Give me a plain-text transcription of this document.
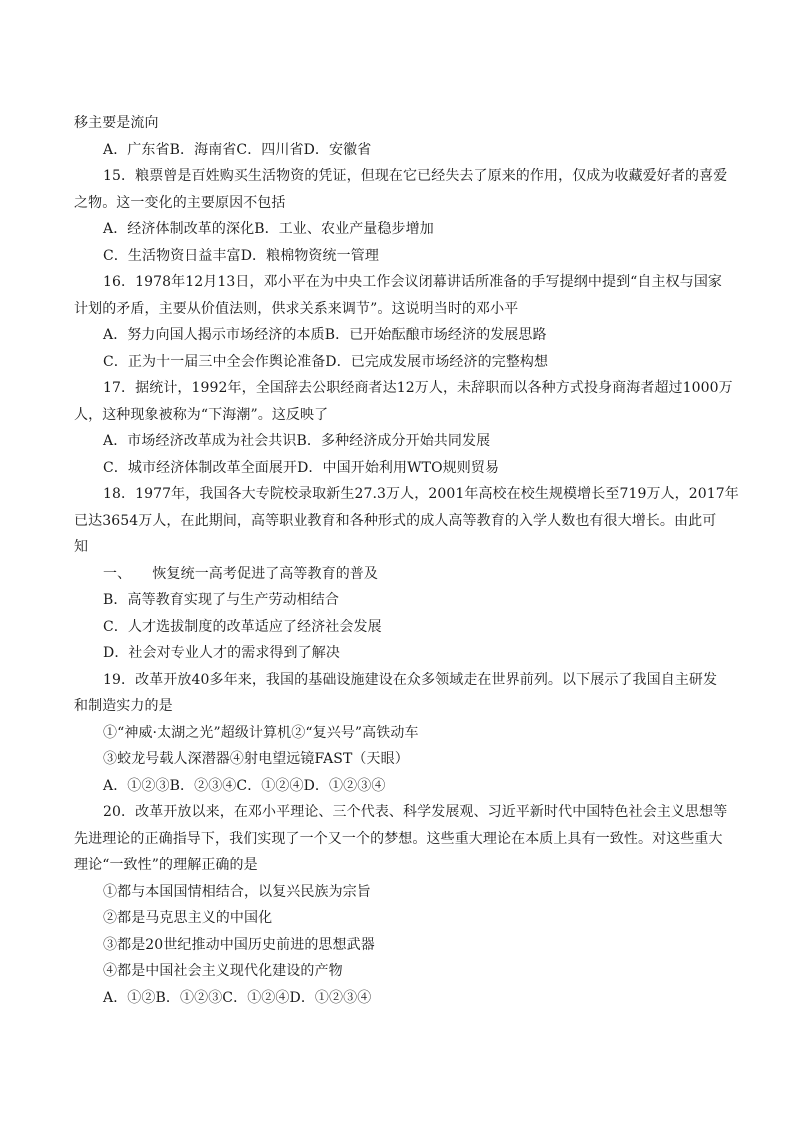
移主要是流向
A．广东省B．海南省C．四川省D．安徽省
15．粮票曾是百姓购买生活物资的凭证，但现在它已经失去了原来的作用，仅成为收藏爱好者的喜爱
之物。这一变化的主要原因不包括
A．经济体制改革的深化B．工业、农业产量稳步增加
C．生活物资日益丰富D．粮棉物资统一管理
16．1978年12月13日，邓小平在为中央工作会议闭幕讲话所准备的手写提纲中提到“自主权与国家
计划的矛盾，主要从价值法则，供求关系来调节”。这说明当时的邓小平
A．努力向国人揭示市场经济的本质B．已开始酝酿市场经济的发展思路
C．正为十一届三中全会作舆论准备D．已完成发展市场经济的完整构想
17．据统计，1992年，全国辞去公职经商者达12万人，未辞职而以各种方式投身商海者超过1000万
人，这种现象被称为“下海潮”。这反映了
A．市场经济改革成为社会共识B．多种经济成分开始共同发展
C．城市经济体制改革全面展开D．中国开始利用WTO规则贸易
18．1977年，我国各大专院校录取新生27.3万人，2001年高校在校生规模增长至719万人，2017年
已达3654万人，在此期间，高等职业教育和各种形式的成人高等教育的入学人数也有很大增长。由此可
知
一、　　恢复统一高考促进了高等教育的普及
B．高等教育实现了与生产劳动相结合
C．人才选拔制度的改革适应了经济社会发展
D．社会对专业人才的需求得到了解决
19．改革开放40多年来，我国的基础设施建设在众多领域走在世界前列。以下展示了我国自主研发
和制造实力的是
①“神威·太湖之光”超级计算机②“复兴号”高铁动车
③蛟龙号载人深潜器④射电望远镜FAST（天眼）
A．①②③B．②③④C．①②④D．①②③④
20．改革开放以来，在邓小平理论、三个代表、科学发展观、习近平新时代中国特色社会主义思想等
先进理论的正确指导下，我们实现了一个又一个的梦想。这些重大理论在本质上具有一致性。对这些重大
理论“一致性”的理解正确的是
①都与本国国情相结合，以复兴民族为宗旨
②都是马克思主义的中国化
③都是20世纪推动中国历史前进的思想武器
④都是中国社会主义现代化建设的产物
A．①②B．①②③C．①②④D．①②③④
